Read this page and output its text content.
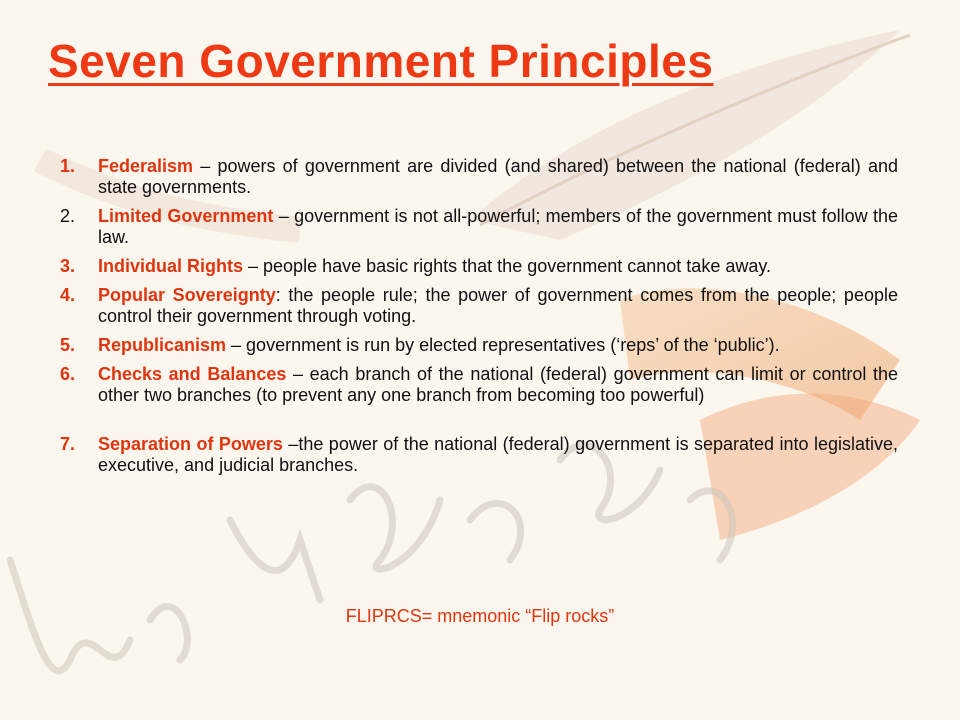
Seven Government Principles
1.	Federalism – powers of government are divided (and shared) between the national (federal) and state governments.
2.	Limited Government – government is not all-powerful; members of the government must follow the law.
3.	Individual Rights – people have basic rights that the government cannot take away.
4.	Popular Sovereignty: the people rule; the power of government comes from the people; people control their government through voting.
5.	Republicanism – government is run by elected representatives (‘reps’ of the ‘public’).
6.	Checks and Balances – each branch of the national (federal) government can limit or control the other two branches (to prevent any one branch from becoming too powerful)
7.	Separation of Powers –the power of the national (federal) government is separated into legislative, executive, and judicial branches.
FLIPRCS= mnemonic “Flip rocks”
